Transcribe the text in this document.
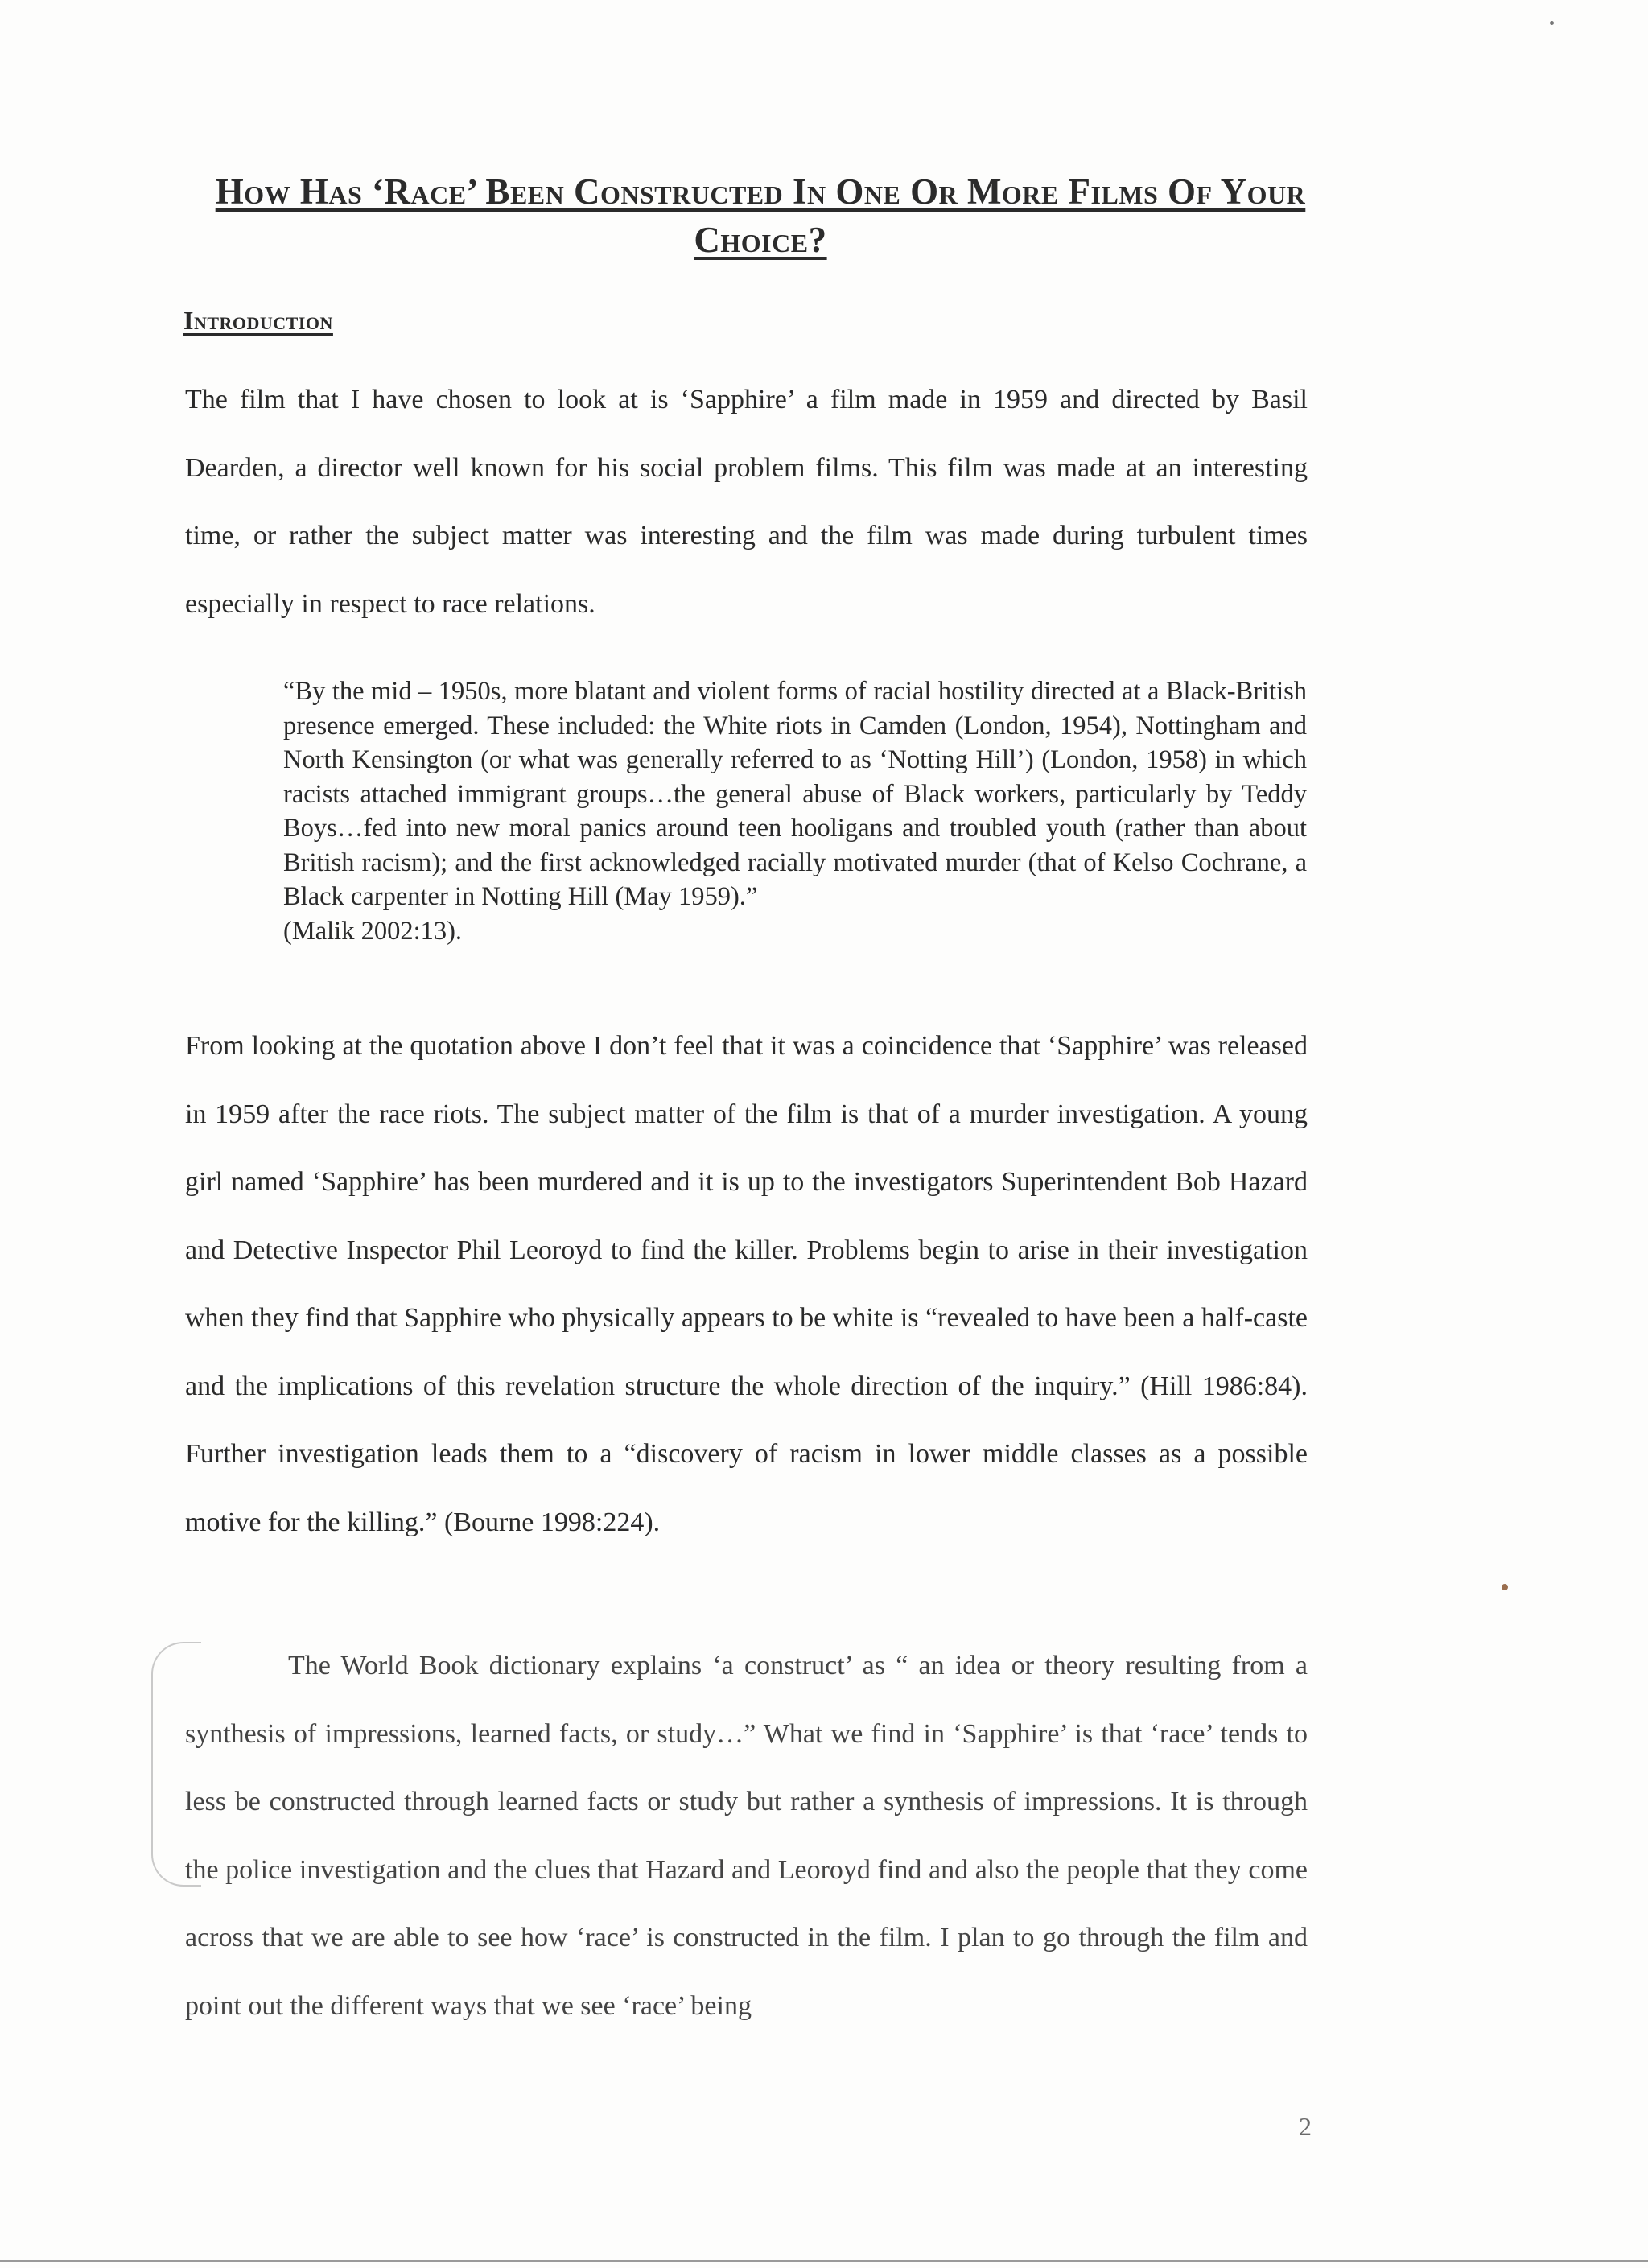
How Has ‘Race’ Been Constructed In One Or More Films Of Your Choice?
Introduction

The film that I have chosen to look at is ‘Sapphire’ a film made in 1959 and directed by Basil Dearden, a director well known for his social problem films. This film was made at an interesting time, or rather the subject matter was interesting and the film was made during turbulent times especially in respect to race relations.

“By the mid – 1950s, more blatant and violent forms of racial hostility directed at a Black-British presence emerged. These included: the White riots in Camden (London, 1954), Nottingham and North Kensington (or what was generally referred to as ‘Notting Hill’) (London, 1958) in which racists attached immigrant groups…the general abuse of Black workers, particularly by Teddy Boys…fed into new moral panics around teen hooligans and troubled youth (rather than about British racism); and the first acknowledged racially motivated murder (that of Kelso Cochrane, a Black carpenter in Notting Hill (May 1959).”
(Malik 2002:13).

From looking at the quotation above I don’t feel that it was a coincidence that ‘Sapphire’ was released in 1959 after the race riots. The subject matter of the film is that of a murder investigation. A young girl named ‘Sapphire’ has been murdered and it is up to the investigators Superintendent Bob Hazard and Detective Inspector Phil Leoroyd to find the killer. Problems begin to arise in their investigation when they find that Sapphire who physically appears to be white is “revealed to have been a half-caste and the implications of this revelation structure the whole direction of the inquiry.” (Hill 1986:84). Further investigation leads them to a “discovery of racism in lower middle classes as a possible motive for the killing.” (Bourne 1998:224).

The World Book dictionary explains ‘a construct’ as “ an idea or theory resulting from a synthesis of impressions, learned facts, or study…” What we find in ‘Sapphire’ is that ‘race’ tends to less be constructed through learned facts or study but rather a synthesis of impressions. It is through the police investigation and the clues that Hazard and Leoroyd find and also the people that they come across that we are able to see how ‘race’ is constructed in the film. I plan to go through the film and point out the different ways that we see ‘race’ being

2
